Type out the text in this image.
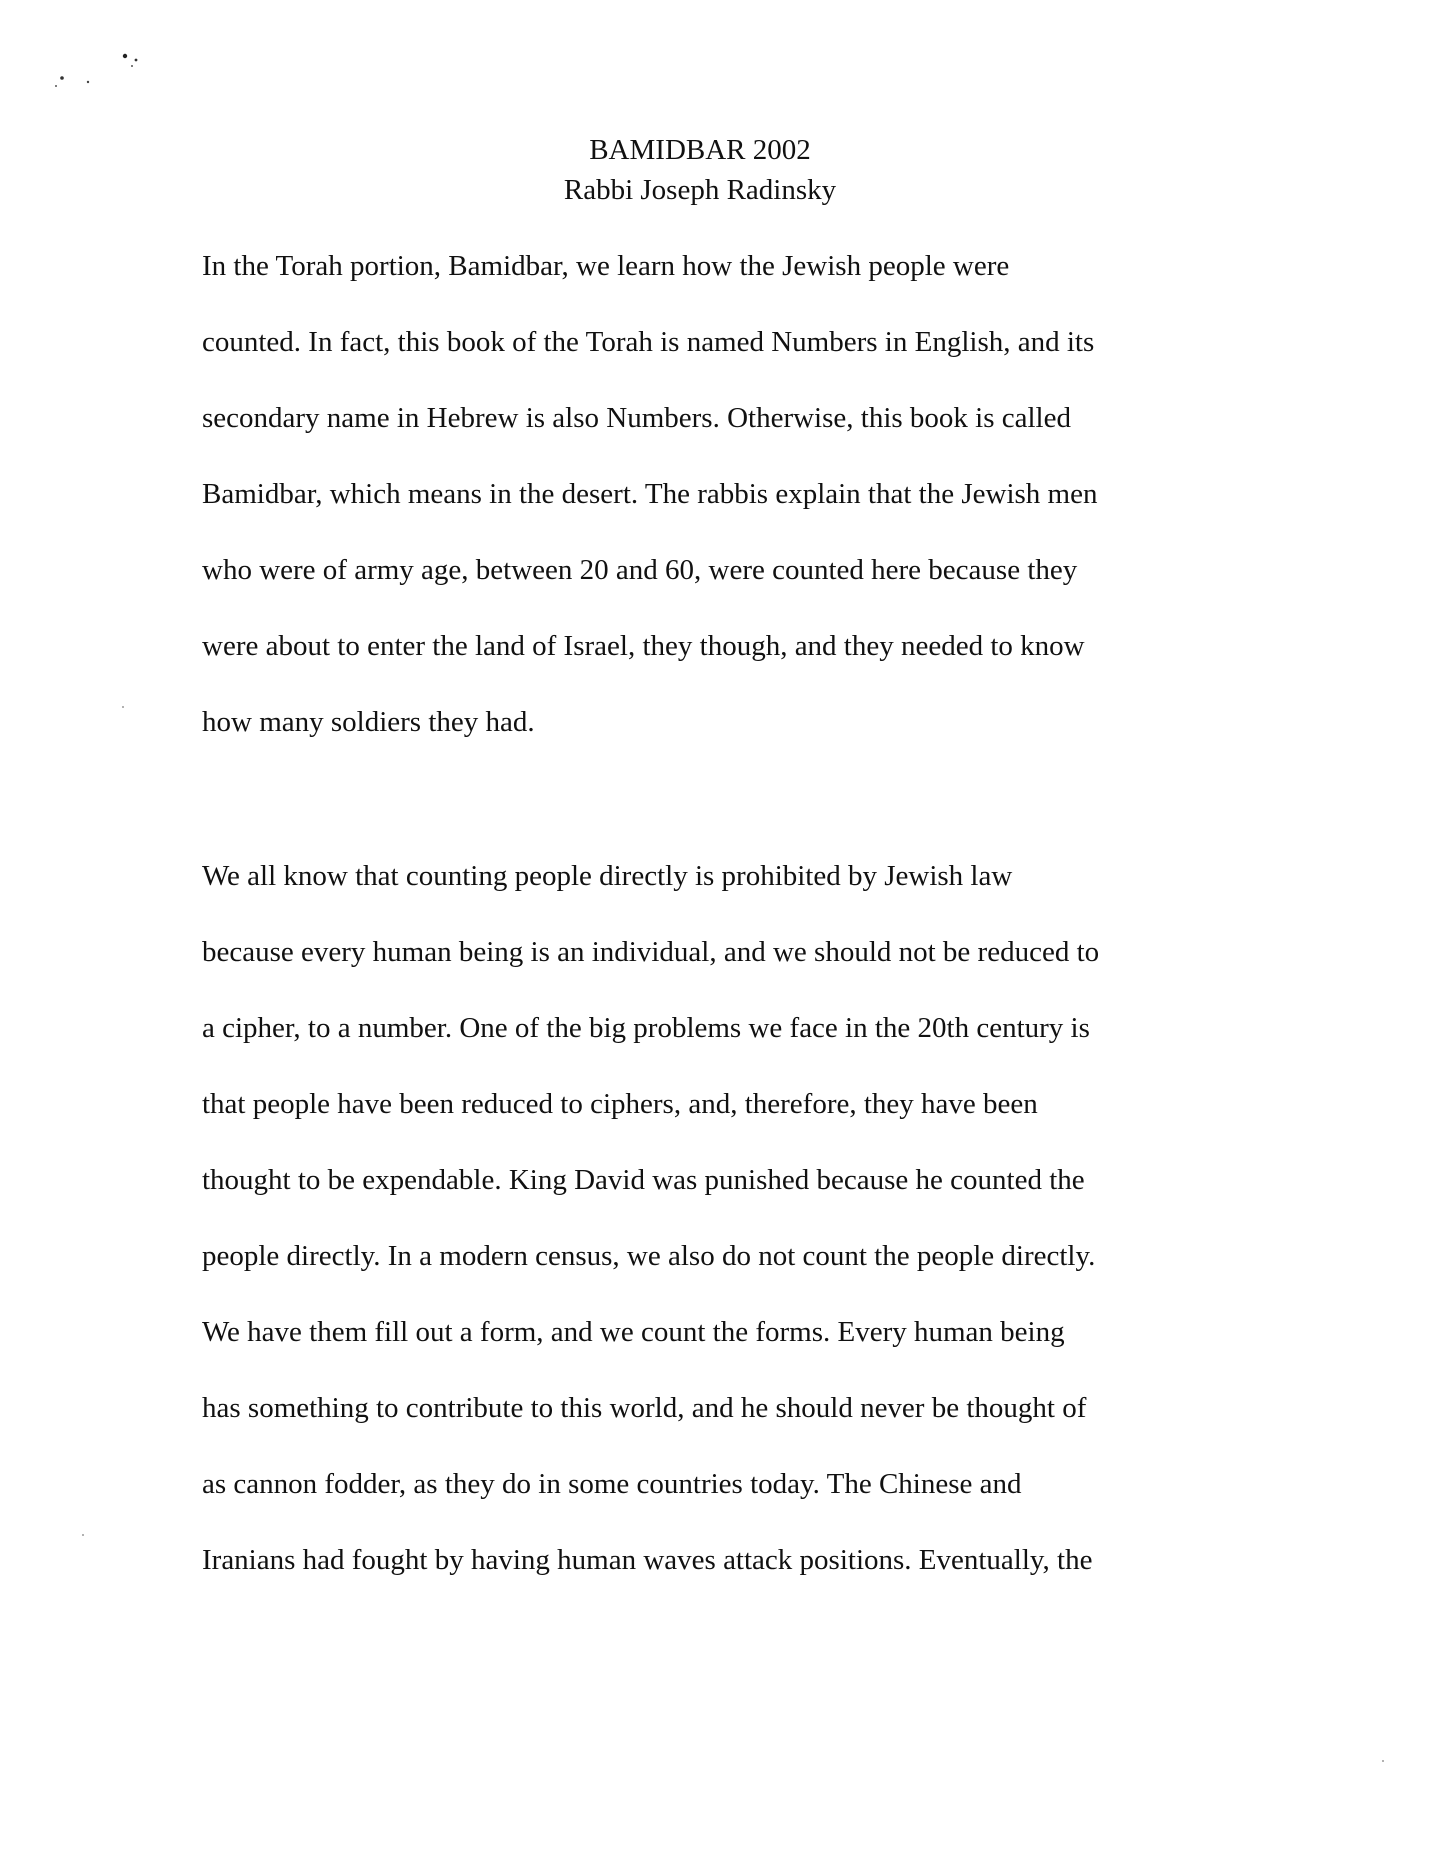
BAMIDBAR 2002
Rabbi Joseph Radinsky
In the Torah portion, Bamidbar, we learn how the Jewish people were
counted. In fact, this book of the Torah is named Numbers in English, and its
secondary name in Hebrew is also Numbers. Otherwise, this book is called
Bamidbar, which means in the desert. The rabbis explain that the Jewish men
who were of army age, between 20 and 60, were counted here because they
were about to enter the land of Israel, they though, and they needed to know
how many soldiers they had.
We all know that counting people directly is prohibited by Jewish law
because every human being is an individual, and we should not be reduced to
a cipher, to a number. One of the big problems we face in the 20th century is
that people have been reduced to ciphers, and, therefore, they have been
thought to be expendable. King David was punished because he counted the
people directly. In a modern census, we also do not count the people directly.
We have them fill out a form, and we count the forms. Every human being
has something to contribute to this world, and he should never be thought of
as cannon fodder, as they do in some countries today. The Chinese and
Iranians had fought by having human waves attack positions. Eventually, the
